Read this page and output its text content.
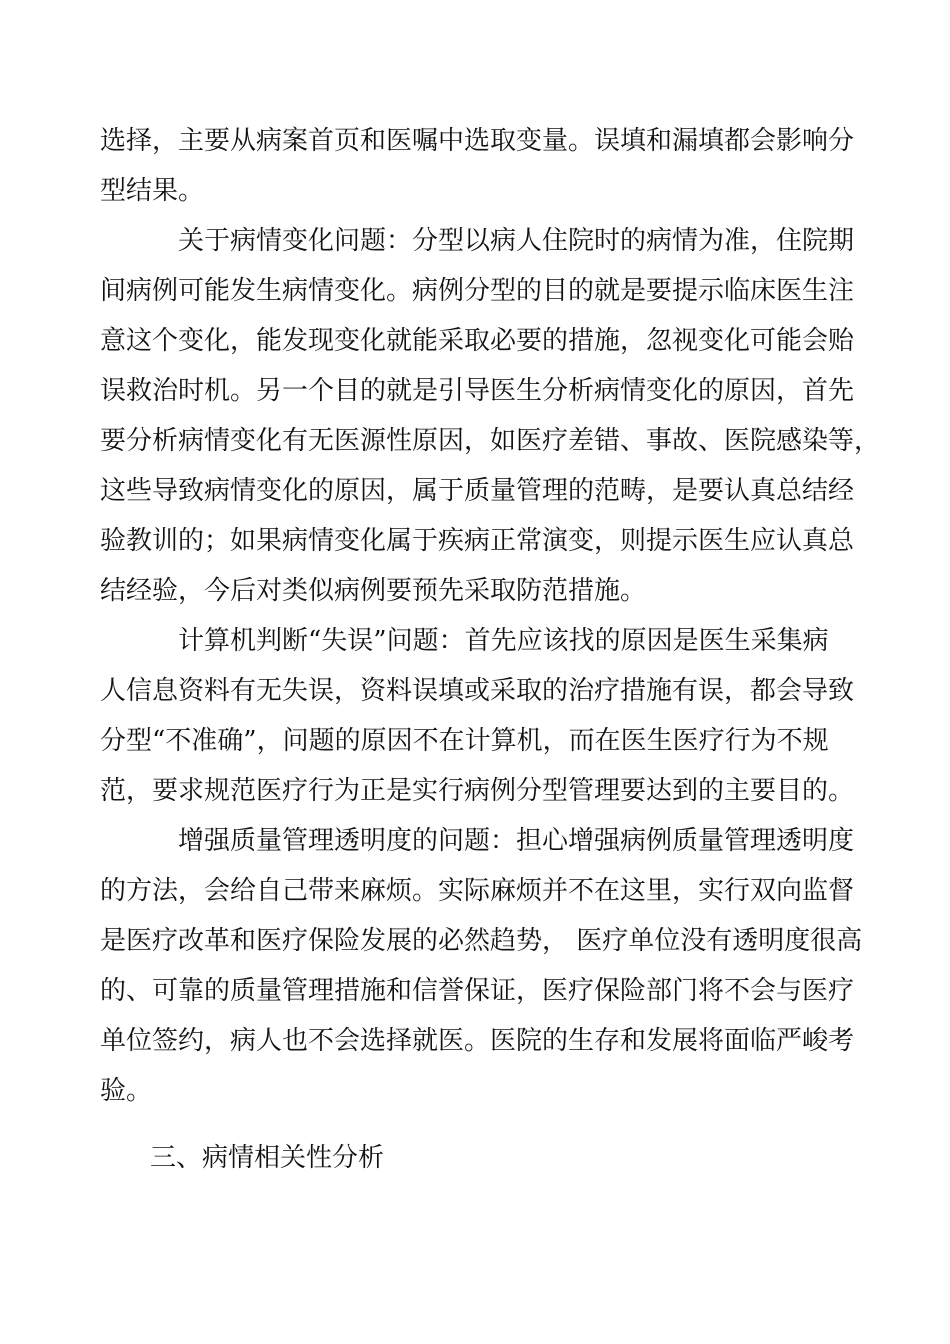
选择，主要从病案首页和医嘱中选取变量。误填和漏填都会影响分
型结果。
关于病情变化问题：分型以病人住院时的病情为准，住院期
间病例可能发生病情变化。病例分型的目的就是要提示临床医生注
意这个变化，能发现变化就能采取必要的措施，忽视变化可能会贻
误救治时机。另一个目的就是引导医生分析病情变化的原因，首先
要分析病情变化有无医源性原因，如医疗差错、事故、医院感染等，
这些导致病情变化的原因，属于质量管理的范畴，是要认真总结经
验教训的；如果病情变化属于疾病正常演变，则提示医生应认真总
结经验，今后对类似病例要预先采取防范措施。
计算机判断“失误”问题：首先应该找的原因是医生采集病
人信息资料有无失误，资料误填或采取的治疗措施有误，都会导致
分型“不准确”，问题的原因不在计算机，而在医生医疗行为不规
范，要求规范医疗行为正是实行病例分型管理要达到的主要目的。
增强质量管理透明度的问题：担心增强病例质量管理透明度
的方法，会给自己带来麻烦。实际麻烦并不在这里，实行双向监督
是医疗改革和医疗保险发展的必然趋势， 医疗单位没有透明度很高
的、可靠的质量管理措施和信誉保证，医疗保险部门将不会与医疗
单位签约，病人也不会选择就医。医院的生存和发展将面临严峻考
验。
三、病情相关性分析
